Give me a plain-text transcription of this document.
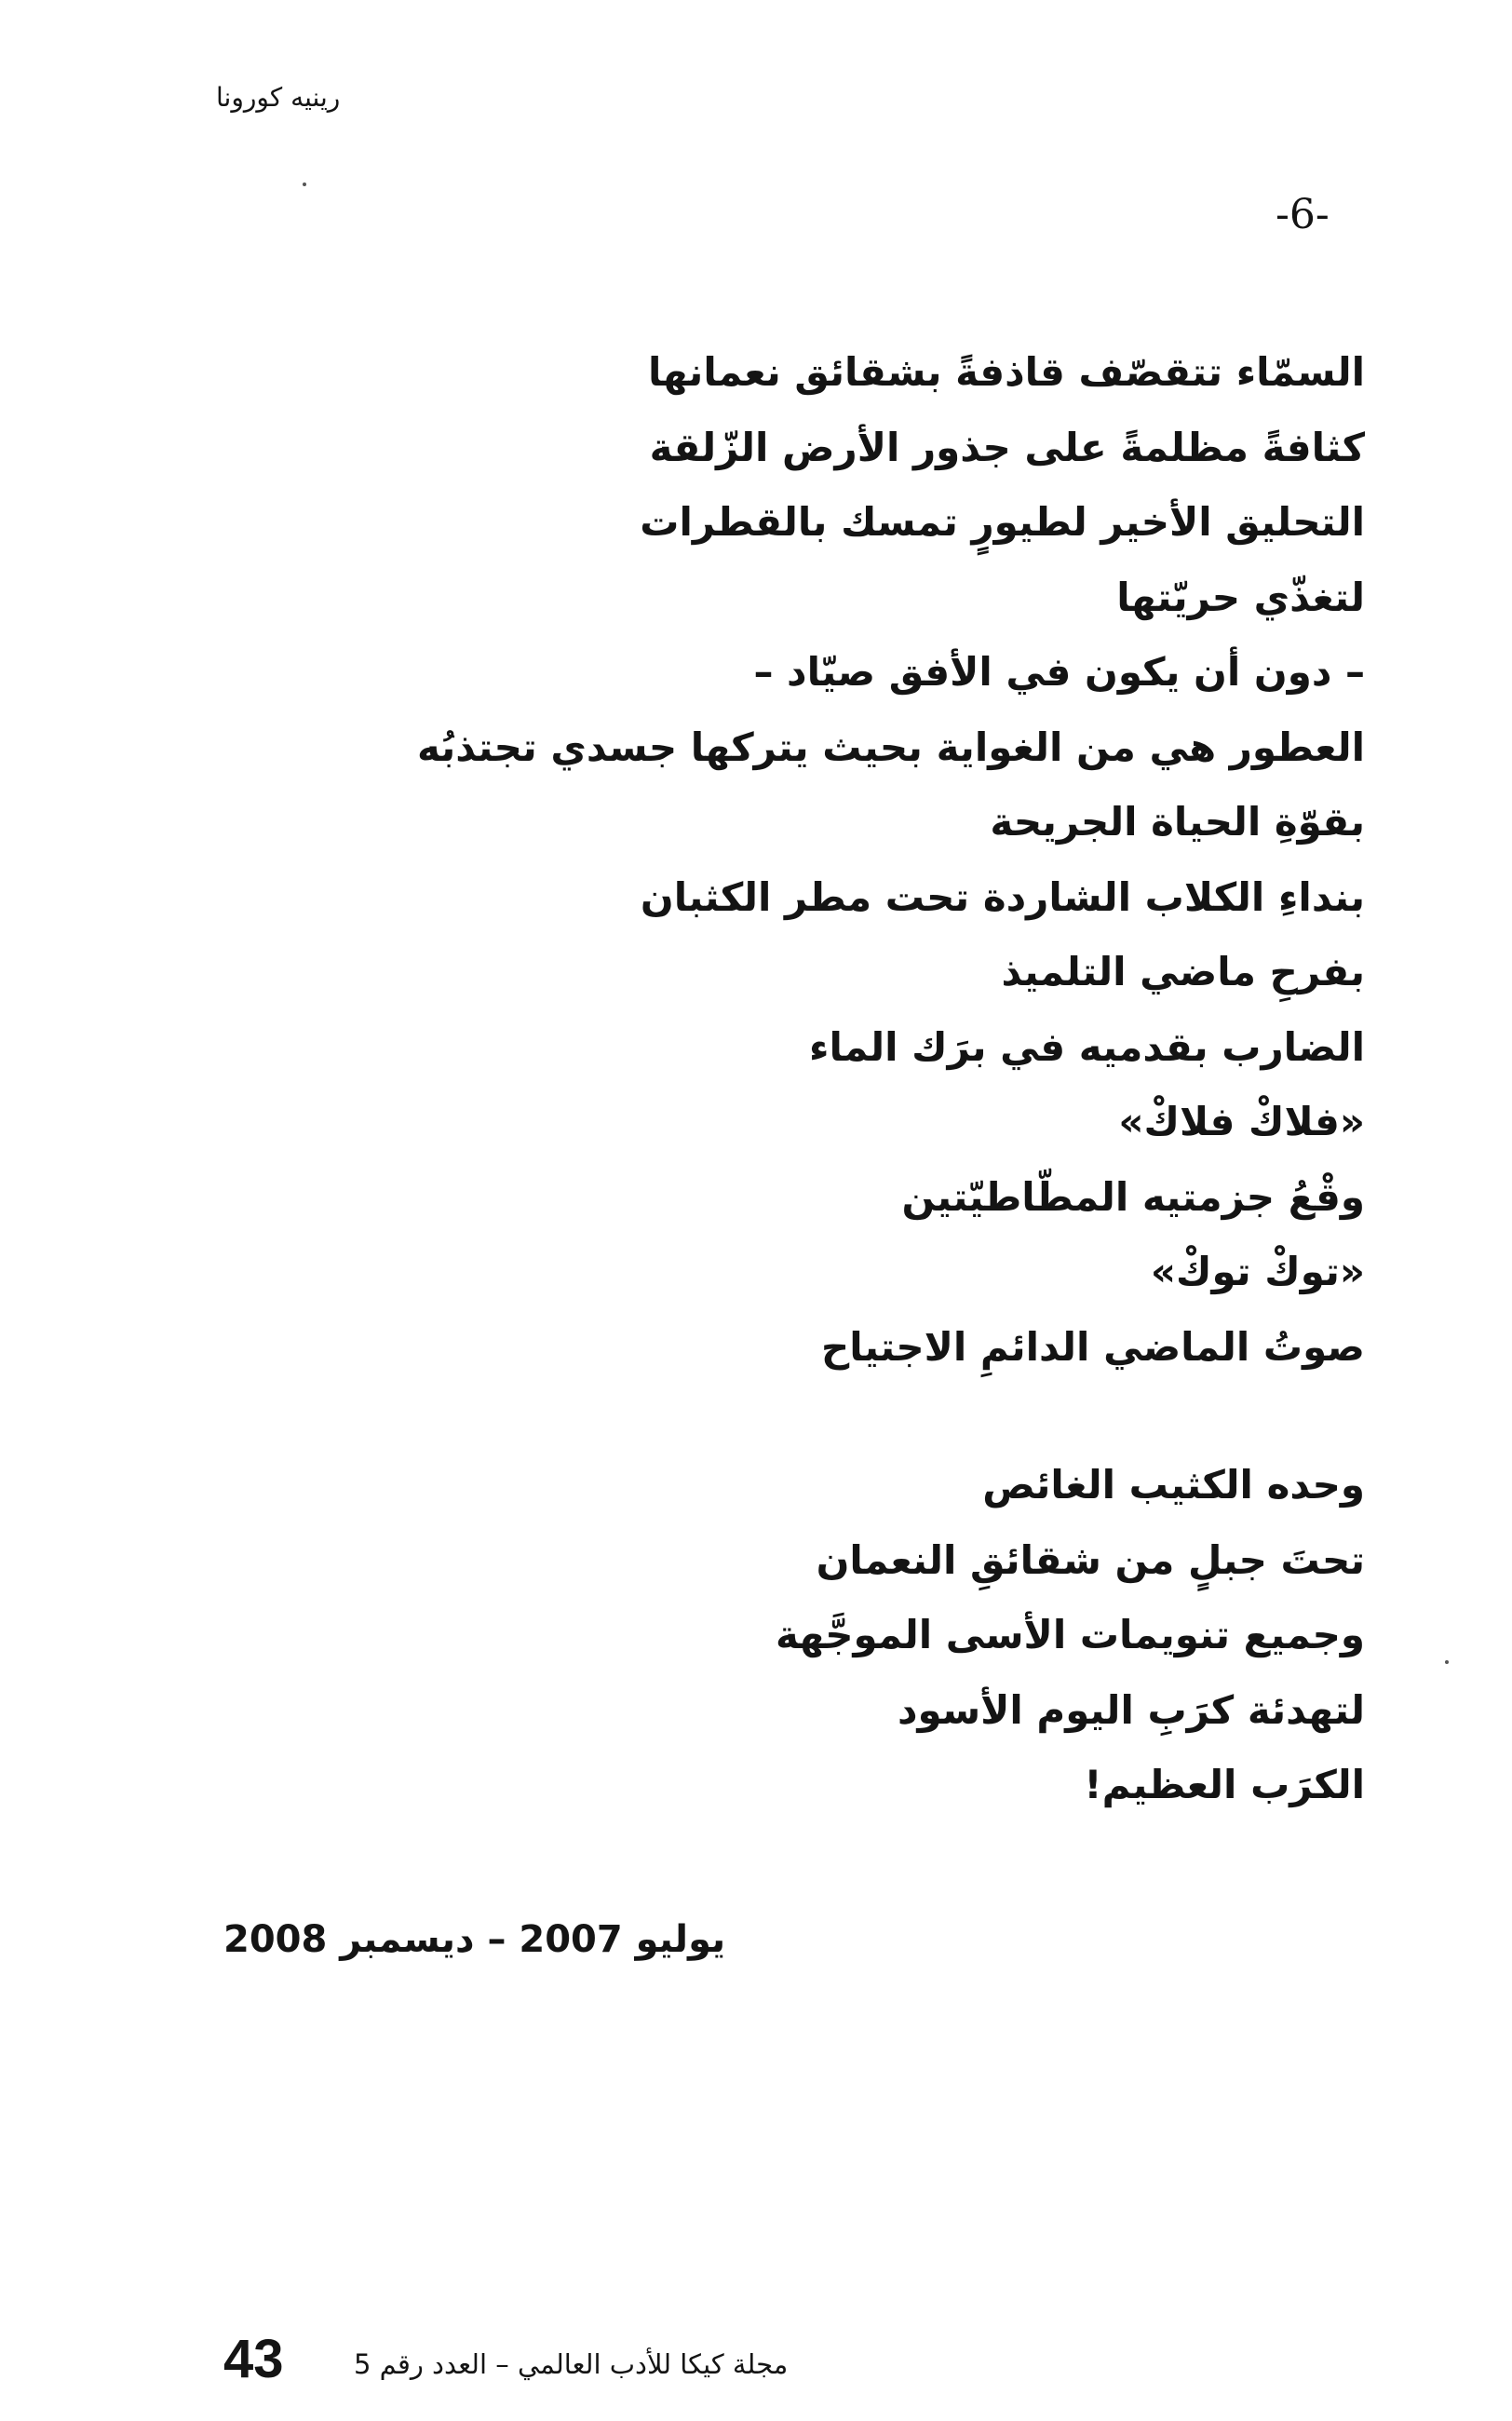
رينيه كورونا
-6-
السمّاء تتقصّف قاذفةً بشقائق نعمانها
كثافةً مظلمةً على جذور الأرض الزّلقة
التحليق الأخير لطيورٍ تمسك بالقطرات
لتغذّي حريّتها
– دون أن يكون في الأفق صيّاد –
العطور هي من الغواية بحيث يتركها جسدي تجتذبُه
بقوّةِ الحياة الجريحة
بنداءِ الكلاب الشاردة تحت مطر الكثبان
بفرحِ ماضي التلميذ
الضارب بقدميه في برَك الماء
«فلاكْ فلاكْ»
وقْعُ جزمتيه المطّاطيّتين
«توكْ توكْ»
صوتُ الماضي الدائمِ الاجتياح
وحده الكثيب الغائص
تحتَ جبلٍ من شقائقِ النعمان
وجميع تنويمات الأسى الموجَّهة
لتهدئة كرَبِ اليوم الأسود
الكرَب العظيم!
يوليو 2007 – ديسمبر 2008
43	مجلة كيكا للأدب العالمي – العدد رقم 5
